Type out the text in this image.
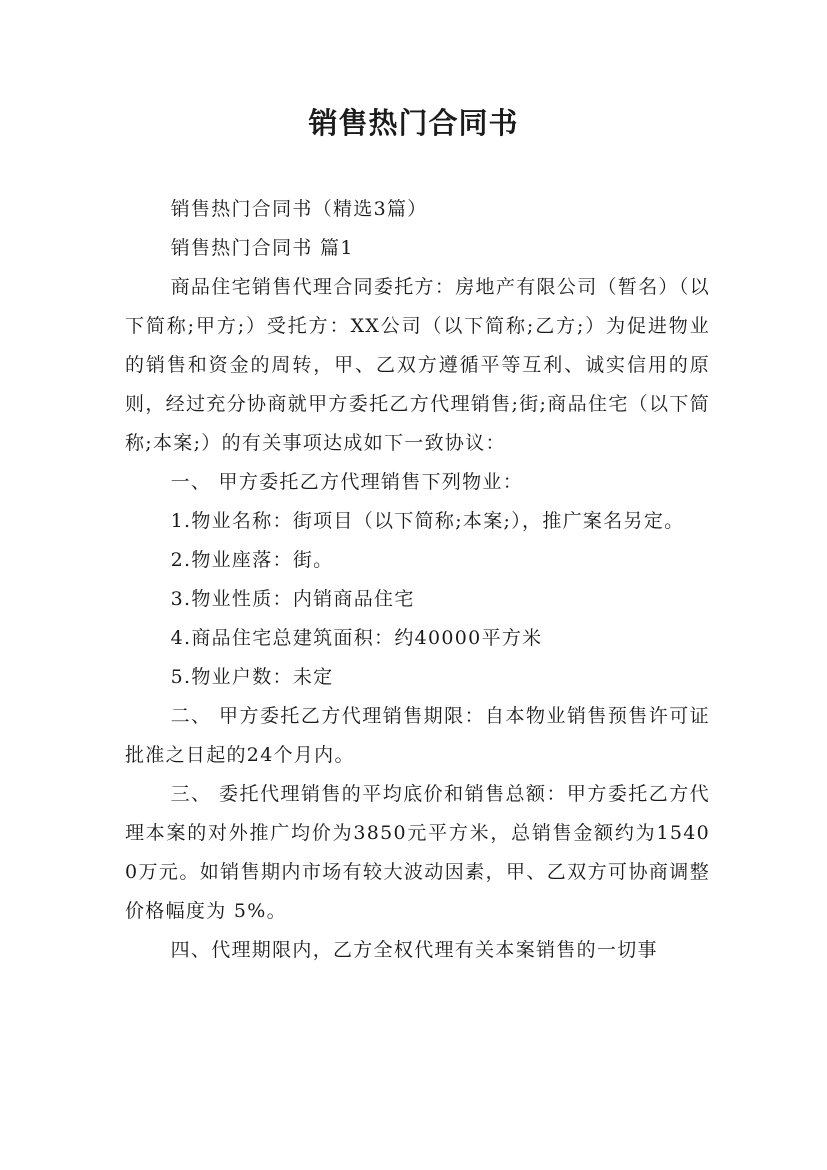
销售热门合同书

销售热门合同书（精选3篇）

销售热门合同书 篇1

商品住宅销售代理合同委托方：房地产有限公司（暂名）（以下简称;甲方;）受托方：XX公司（以下简称;乙方;）为促进物业的销售和资金的周转，甲、乙双方遵循平等互利、诚实信用的原则，经过充分协商就甲方委托乙方代理销售;街;商品住宅（以下简称;本案;）的有关事项达成如下一致协议：

一、 甲方委托乙方代理销售下列物业：

1.物业名称：街项目（以下简称;本案;），推广案名另定。

2.物业座落：街。

3.物业性质：内销商品住宅

4.商品住宅总建筑面积：约40000平方米

5.物业户数：未定

二、 甲方委托乙方代理销售期限：自本物业销售预售许可证批准之日起的24个月内。

三、 委托代理销售的平均底价和销售总额：甲方委托乙方代理本案的对外推广均价为3850元平方米，总销售金额约为15400万元。如销售期内市场有较大波动因素，甲、乙双方可协商调整价格幅度为 5%。

四、代理期限内，乙方全权代理有关本案销售的一切事
